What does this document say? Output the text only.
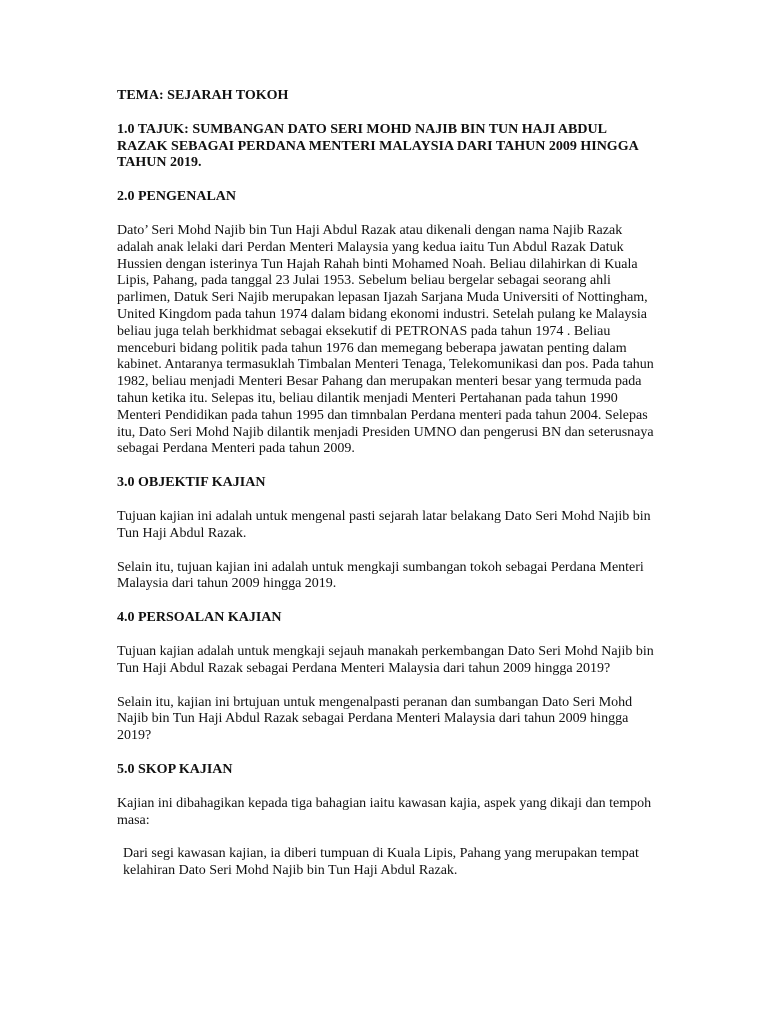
TEMA: SEJARAH TOKOH
1.0 TAJUK: SUMBANGAN DATO SERI MOHD NAJIB BIN TUN HAJI ABDUL RAZAK SEBAGAI PERDANA MENTERI MALAYSIA DARI TAHUN 2009 HINGGA TAHUN 2019.
2.0 PENGENALAN

Dato’ Seri Mohd Najib bin Tun Haji Abdul Razak atau dikenali dengan nama Najib Razak adalah anak lelaki dari Perdan Menteri Malaysia yang kedua iaitu Tun Abdul Razak Datuk Hussien dengan isterinya Tun Hajah Rahah binti Mohamed Noah. Beliau dilahirkan di Kuala Lipis, Pahang, pada tanggal 23 Julai 1953. Sebelum beliau bergelar sebagai seorang ahli parlimen, Datuk Seri Najib merupakan lepasan Ijazah Sarjana Muda Universiti of Nottingham, United Kingdom pada tahun 1974 dalam bidang ekonomi industri. Setelah pulang ke Malaysia beliau juga telah berkhidmat sebagai eksekutif di PETRONAS pada tahun 1974 . Beliau menceburi bidang politik pada tahun 1976 dan memegang beberapa jawatan penting dalam kabinet. Antaranya termasuklah Timbalan Menteri Tenaga, Telekomunikasi dan pos. Pada tahun 1982, beliau menjadi Menteri Besar Pahang dan merupakan menteri besar yang termuda pada tahun ketika itu. Selepas itu, beliau dilantik menjadi Menteri Pertahanan pada tahun 1990 Menteri Pendidikan pada tahun 1995 dan timnbalan Perdana menteri pada tahun 2004. Selepas itu, Dato Seri Mohd Najib dilantik menjadi Presiden UMNO dan pengerusi BN dan seterusnaya sebagai Perdana Menteri pada tahun 2009.

3.0 OBJEKTIF KAJIAN

Tujuan kajian ini adalah untuk mengenal pasti sejarah latar belakang Dato Seri Mohd Najib bin Tun Haji Abdul Razak.

Selain itu, tujuan kajian ini adalah untuk mengkaji sumbangan tokoh sebagai Perdana Menteri Malaysia dari tahun 2009 hingga 2019.

4.0 PERSOALAN KAJIAN

Tujuan kajian adalah untuk mengkaji sejauh manakah perkembangan Dato Seri Mohd Najib bin Tun Haji Abdul Razak sebagai Perdana Menteri Malaysia dari tahun 2009 hingga 2019?

Selain itu, kajian ini brtujuan untuk mengenalpasti peranan dan sumbangan Dato Seri Mohd Najib bin Tun Haji Abdul Razak sebagai Perdana Menteri Malaysia dari tahun 2009 hingga 2019?

5.0 SKOP KAJIAN

Kajian ini dibahagikan kepada tiga bahagian iaitu kawasan kajia, aspek yang dikaji dan tempoh masa:

Dari segi kawasan kajian, ia diberi tumpuan di Kuala Lipis, Pahang yang merupakan tempat kelahiran Dato Seri Mohd Najib bin Tun Haji Abdul Razak.
